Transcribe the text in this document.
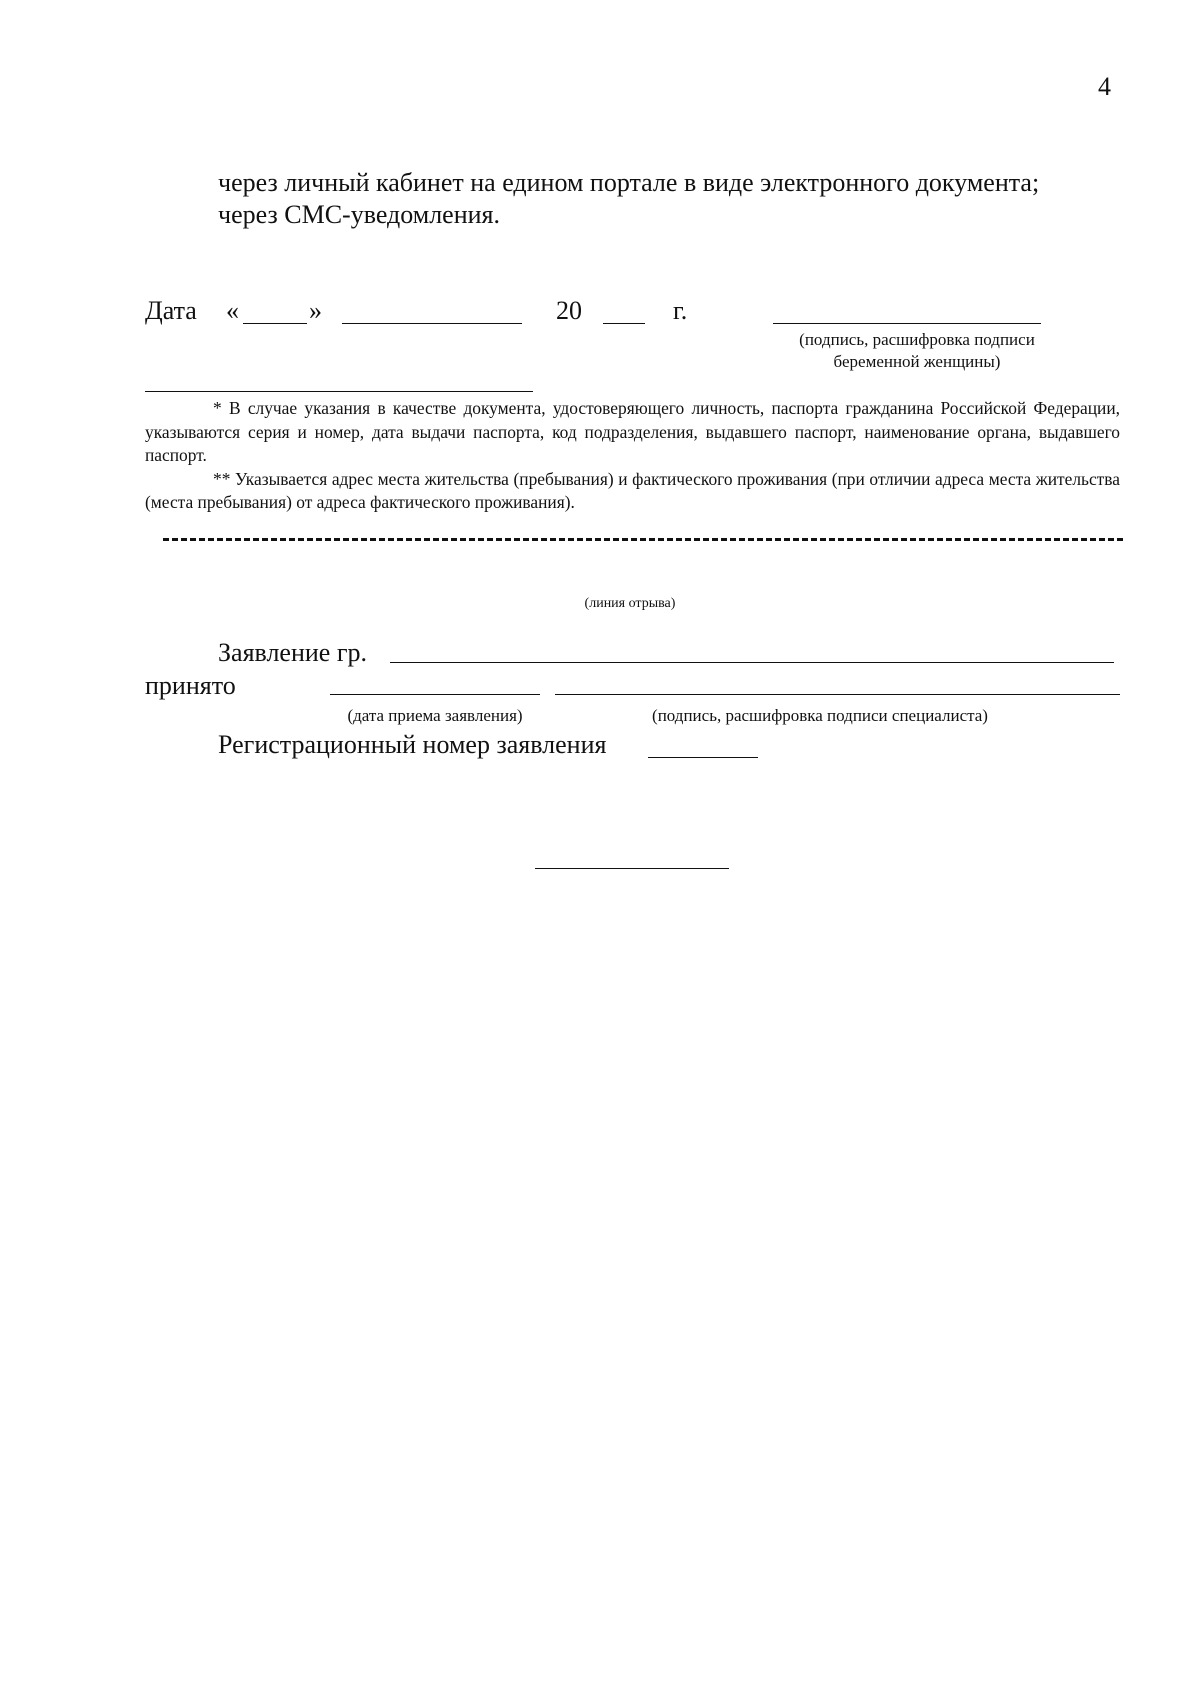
4
через личный кабинет на едином портале в виде электронного документа;
через СМС-уведомления.
Дата «	»	20	г.
(подпись, расшифровка подписи
беременной женщины)

* В случае указания в качестве документа, удостоверяющего личность, паспорта гражданина Российской Федерации, указываются серия и номер, дата выдачи паспорта, код подразделения, выдавшего паспорт, наименование органа, выдавшего паспорт.

** Указывается адрес места жительства (пребывания) и фактического проживания (при отличии адреса места жительства (места пребывания) от адреса фактического проживания).

(линия отрыва)
Заявление гр.
принято
(дата приема заявления)	(подпись, расшифровка подписи специалиста)
Регистрационный номер заявления
